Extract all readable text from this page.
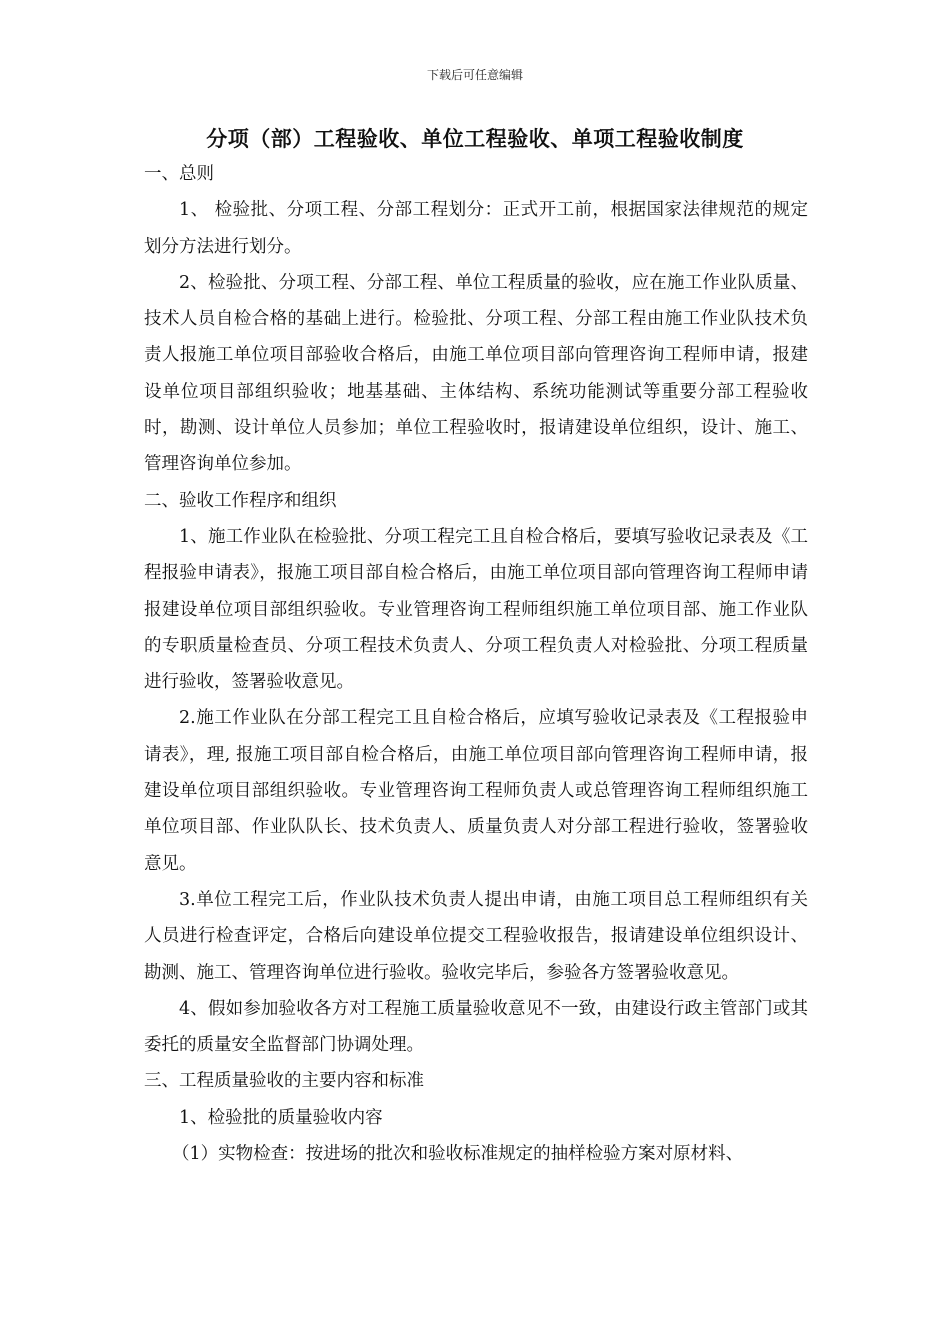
下载后可任意编辑
分项（部）工程验收、单位工程验收、单项工程验收制度

一、总则

1、 检验批、分项工程、分部工程划分：正式开工前，根据国家法律规范的规定划分方法进行划分。

2、检验批、分项工程、分部工程、单位工程质量的验收，应在施工作业队质量、技术人员自检合格的基础上进行。检验批、分项工程、分部工程由施工作业队技术负责人报施工单位项目部验收合格后，由施工单位项目部向管理咨询工程师申请，报建设单位项目部组织验收；地基基础、主体结构、系统功能测试等重要分部工程验收时，勘测、设计单位人员参加；单位工程验收时，报请建设单位组织，设计、施工、管理咨询单位参加。

二、验收工作程序和组织

1、施工作业队在检验批、分项工程完工且自检合格后，要填写验收记录表及《工程报验申请表》，报施工项目部自检合格后，由施工单位项目部向管理咨询工程师申请报建设单位项目部组织验收。专业管理咨询工程师组织施工单位项目部、施工作业队的专职质量检查员、分项工程技术负责人、分项工程负责人对检验批、分项工程质量进行验收，签署验收意见。

2.施工作业队在分部工程完工且自检合格后，应填写验收记录表及《工程报验申请表》，理, 报施工项目部自检合格后，由施工单位项目部向管理咨询工程师申请，报建设单位项目部组织验收。专业管理咨询工程师负责人或总管理咨询工程师组织施工单位项目部、作业队队长、技术负责人、质量负责人对分部工程进行验收，签署验收意见。

3.单位工程完工后，作业队技术负责人提出申请，由施工项目总工程师组织有关人员进行检查评定，合格后向建设单位提交工程验收报告，报请建设单位组织设计、勘测、施工、管理咨询单位进行验收。验收完毕后，参验各方签署验收意见。

4、假如参加验收各方对工程施工质量验收意见不一致，由建设行政主管部门或其委托的质量安全监督部门协调处理。

三、工程质量验收的主要内容和标准

1、检验批的质量验收内容

（1）实物检查：按进场的批次和验收标准规定的抽样检验方案对原材料、
